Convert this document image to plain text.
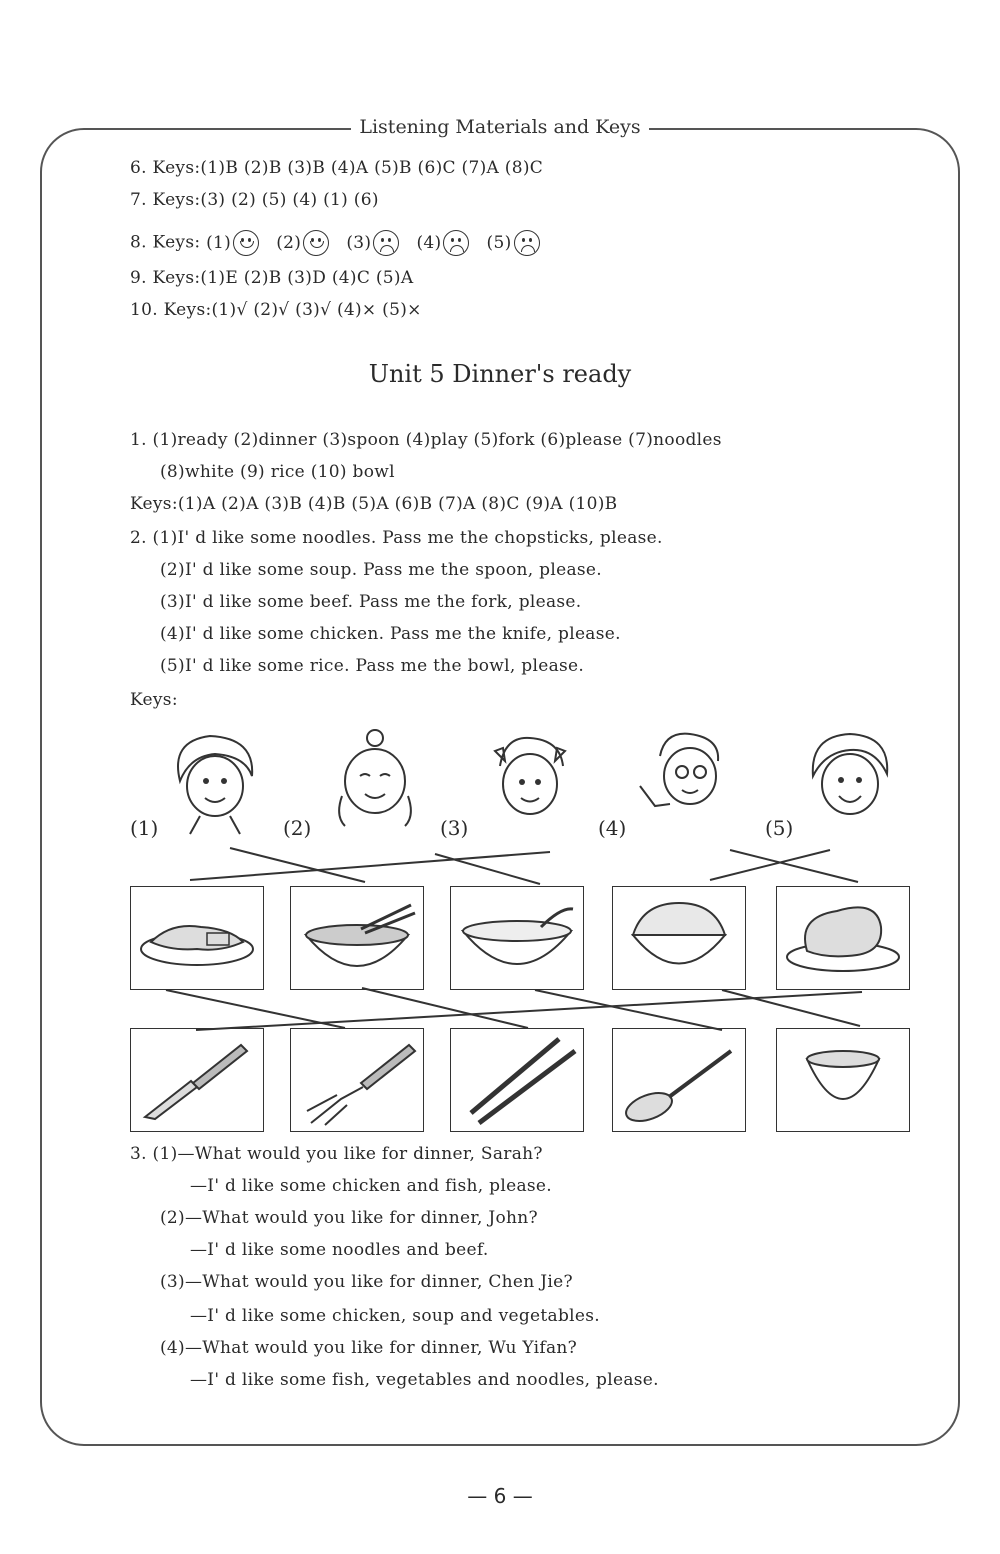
Listening Materials and Keys
6. Keys:(1)B (2)B (3)B (4)A (5)B (6)C (7)A (8)C
7. Keys:(3) (2) (5) (4) (1) (6)
8. Keys: (1)	(2)	(3)	(4)	(5)
9. Keys:(1)E (2)B (3)D (4)C (5)A
10. Keys:(1)√ (2)√ (3)√ (4)× (5)×
Unit 5 Dinner's ready
1. (1)ready (2)dinner (3)spoon (4)play (5)fork (6)please (7)noodles
(8)white (9) rice (10) bowl
Keys:(1)A (2)A (3)B (4)B (5)A (6)B (7)A (8)C (9)A (10)B
2. (1)I' d like some noodles. Pass me the chopsticks, please.
(2)I' d like some soup. Pass me the spoon, please.
(3)I' d like some beef. Pass me the fork, please.
(4)I' d like some chicken. Pass me the knife, please.
(5)I' d like some rice. Pass me the bowl, please.
Keys:
(1)	(2)	(3)	(4)	(5)
3. (1)—What would you like for dinner, Sarah?
—I' d like some chicken and fish, please.
(2)—What would you like for dinner, John?
—I' d like some noodles and beef.
(3)—What would you like for dinner, Chen Jie?
—I' d like some chicken, soup and vegetables.
(4)—What would you like for dinner, Wu Yifan?
—I' d like some fish, vegetables and noodles, please.
— 6 —
